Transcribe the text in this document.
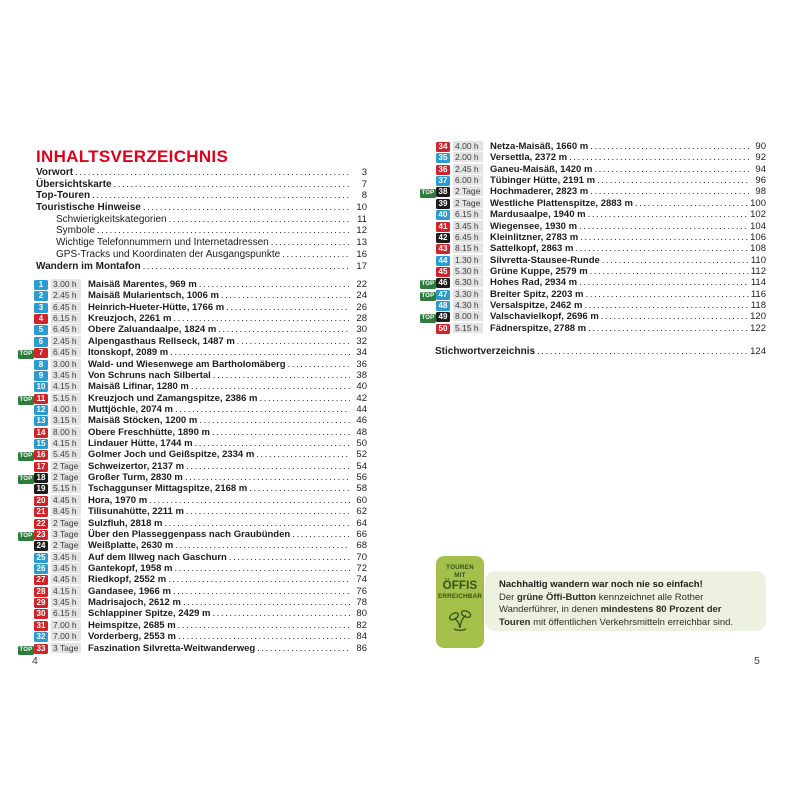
INHALTSVERZEICHNIS
Vorwort .....	3
Übersichtskarte .....	7
Top-Touren .....	8
Touristische Hinweise .....	10
Schwierigkeitskategorien .....	11
Symbole .....	12
Wichtige Telefonnummern und Internetadressen .....	13
GPS-Tracks und Koordinaten der Ausgangspunkte .....	16
Wandern im Montafon .....	17
1	3.00 h	Maisäß Marentes, 969 m .....	22
2	2.45 h	Maisäß Mularientsch, 1006 m .....	24
3	6.45 h	Heinrich-Hueter-Hütte, 1766 m .....	26
4	6.15 h	Kreuzjoch, 2261 m .....	28
5	6.45 h	Obere Zaluandaalpe, 1824 m .....	30
6	2.45 h	Alpengasthaus Rellseck, 1487 m .....	32
TOP 7	6.45 h	Itonskopf, 2089 m .....	34
8	3.00 h	Wald- und Wiesenwege am Bartholomäberg .....	36
9	3.45 h	Von Schruns nach Silbertal .....	38
10 4.15 h	Maisäß Lifinar, 1280 m .....	40
TOP 11 5.15 h	Kreuzjoch und Zamangspitze, 2386 m .....	42
12 4.00 h	Muttjöchle, 2074 m .....	44
13 3.15 h	Maisäß Stöcken, 1200 m .....	46
14 8.00 h	Obere Freschhütte, 1890 m .....	48
15 4.15 h	Lindauer Hütte, 1744 m .....	50
TOP 16 5.45 h	Golmer Joch und Geißspitze, 2334 m .....	52
17 2 Tage Schweizertor, 2137 m .....	54
TOP 18 2 Tage Großer Turm, 2830 m .....	56
19 5.15 h	Tschaggunser Mittagspitze, 2168 m .....	58
20 4.45 h	Hora, 1970 m .....	60
21 8.45 h	Tilisunahütte, 2211 m .....	62
22 2 Tage Sulzfluh, 2818 m .....	64
TOP 23 3 Tage Über den Plasseggenpass nach Graubünden .....	66
24 2 Tage Weißplatte, 2630 m .....	68
25 3.45 h	Auf dem Illweg nach Gaschurn .....	70
26 3.45 h	Gantekopf, 1958 m .....	72
27 4.45 h	Riedkopf, 2552 m .....	74
28 4.15 h	Gandasee, 1966 m .....	76
29 3.45 h	Madrisajoch, 2612 m .....	78
30 6.15 h	Schlappiner Spitze, 2429 m .....	80
31 7.00 h	Heimspitze, 2685 m .....	82
32 7.00 h	Vorderberg, 2553 m .....	84
TOP 33 3 Tage Faszination Silvretta-Weitwanderweg .....	86
34 4.00 h	Netza-Maisäß, 1660 m .....	90
35 2.00 h	Versettla, 2372 m .....	92
36 2.45 h	Ganeu-Maisäß, 1420 m .....	94
37 6.00 h	Tübinger Hütte, 2191 m .....	96
TOP 38 2 Tage Hochmaderer, 2823 m .....	98
39 2 Tage Westliche Plattenspitze, 2883 m .....	100
40 6.15 h	Mardusaalpe, 1940 m .....	102
41 3.45 h	Wiegensee, 1930 m .....	104
42 6.45 h	Kleinlitzner, 2783 m .....	106
43 8.15 h	Sattelkopf, 2863 m .....	108
44 1.30 h	Silvretta-Stausee-Runde .....	110
45 5.30 h	Grüne Kuppe, 2579 m .....	112
TOP 46 6.30 h	Hohes Rad, 2934 m .....	114
TOP 47 3.30 h	Breiter Spitz, 2203 m .....	116
48 4.30 h	Versalspitze, 2462 m .....	118
TOP 49 8.00 h	Valschavielkopf, 2696 m .....	120
50 5.15 h	Fädnerspitze, 2788 m .....	122
Stichwortverzeichnis .....	124
Nachhaltig wandern war noch nie so einfach!
Der grüne Öffi-Button kennzeichnet alle Rother Wanderführer, in denen mindestens 80 Prozent der Touren mit öffentlichen Verkehrsmitteln erreichbar sind.
TOUREN
MIT
ÖFFIS
ERREICHBAR
4	5
